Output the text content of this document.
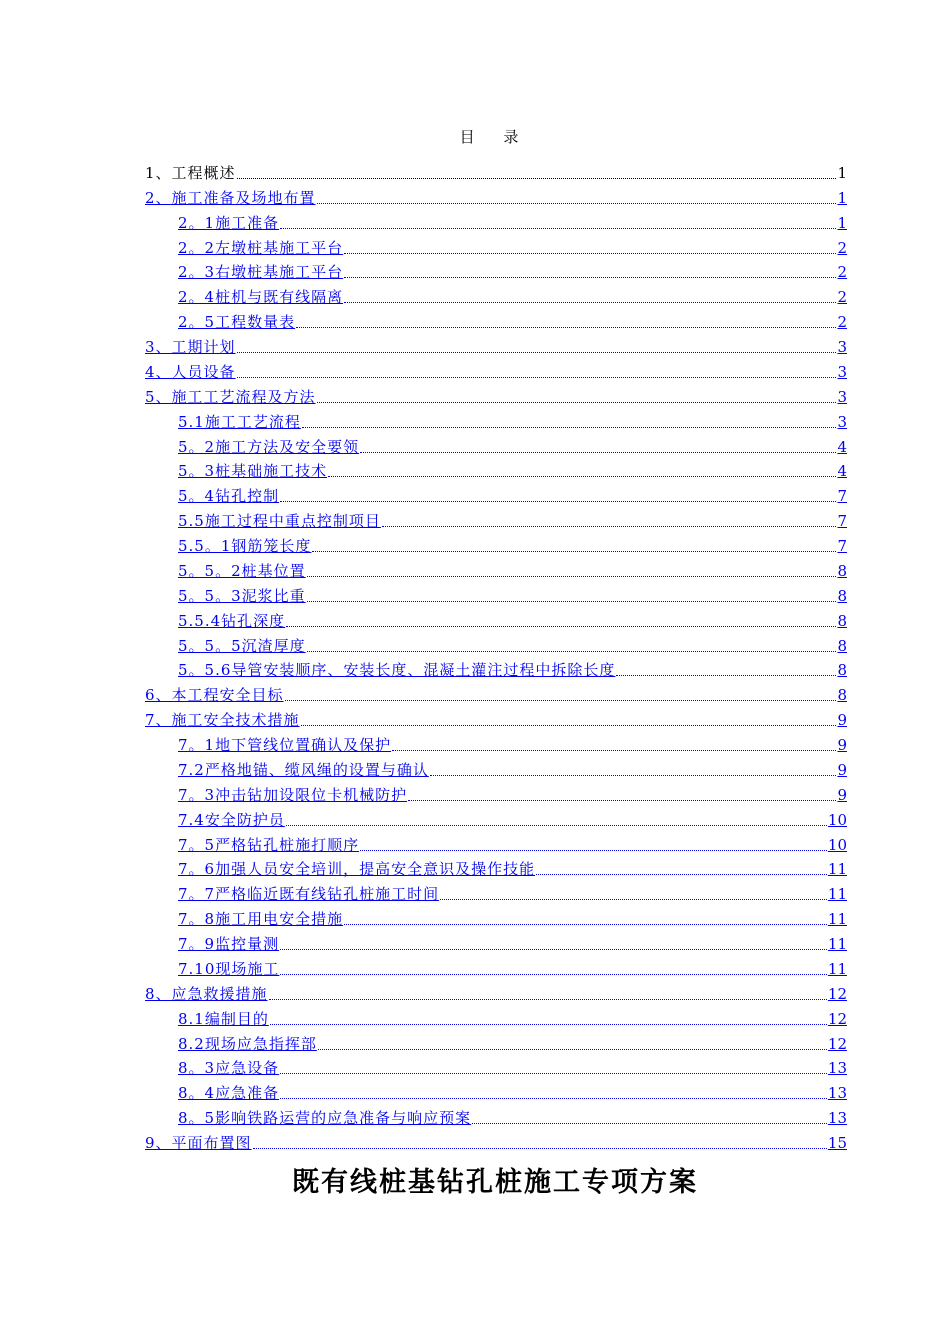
目 录
1、工程概述	1
2、施工准备及场地布置	1
2。1施工准备	1
2。2左墩桩基施工平台	2
2。3右墩桩基施工平台	2
2。4桩机与既有线隔离	2
2。5工程数量表	2
3、工期计划	3
4、人员设备	3
5、施工工艺流程及方法	3
5.1施工工艺流程	3
5。2施工方法及安全要领	4
5。3桩基础施工技术	4
5。4钻孔控制	7
5.5施工过程中重点控制项目	7
5.5。1钢筋笼长度	7
5。5。2桩基位置	8
5。5。3泥浆比重	8
5.5.4钻孔深度	8
5。5。5沉渣厚度	8
5。5.6导管安装顺序、安装长度、混凝土灌注过程中拆除长度	8
6、本工程安全目标	8
7、施工安全技术措施	9
7。1地下管线位置确认及保护	9
7.2严格地锚、缆风绳的设置与确认	9
7。3冲击钻加设限位卡机械防护	9
7.4安全防护员	10
7。5严格钻孔桩施打顺序	10
7。6加强人员安全培训，提高安全意识及操作技能	11
7。7严格临近既有线钻孔桩施工时间	11
7。8施工用电安全措施	11
7。9监控量测	11
7.10现场施工	11
8、应急救援措施	12
8.1编制目的	12
8.2现场应急指挥部	12
8。3应急设备	13
8。4应急准备	13
8。5影响铁路运营的应急准备与响应预案	13
9、平面布置图	15
既有线桩基钻孔桩施工专项方案
